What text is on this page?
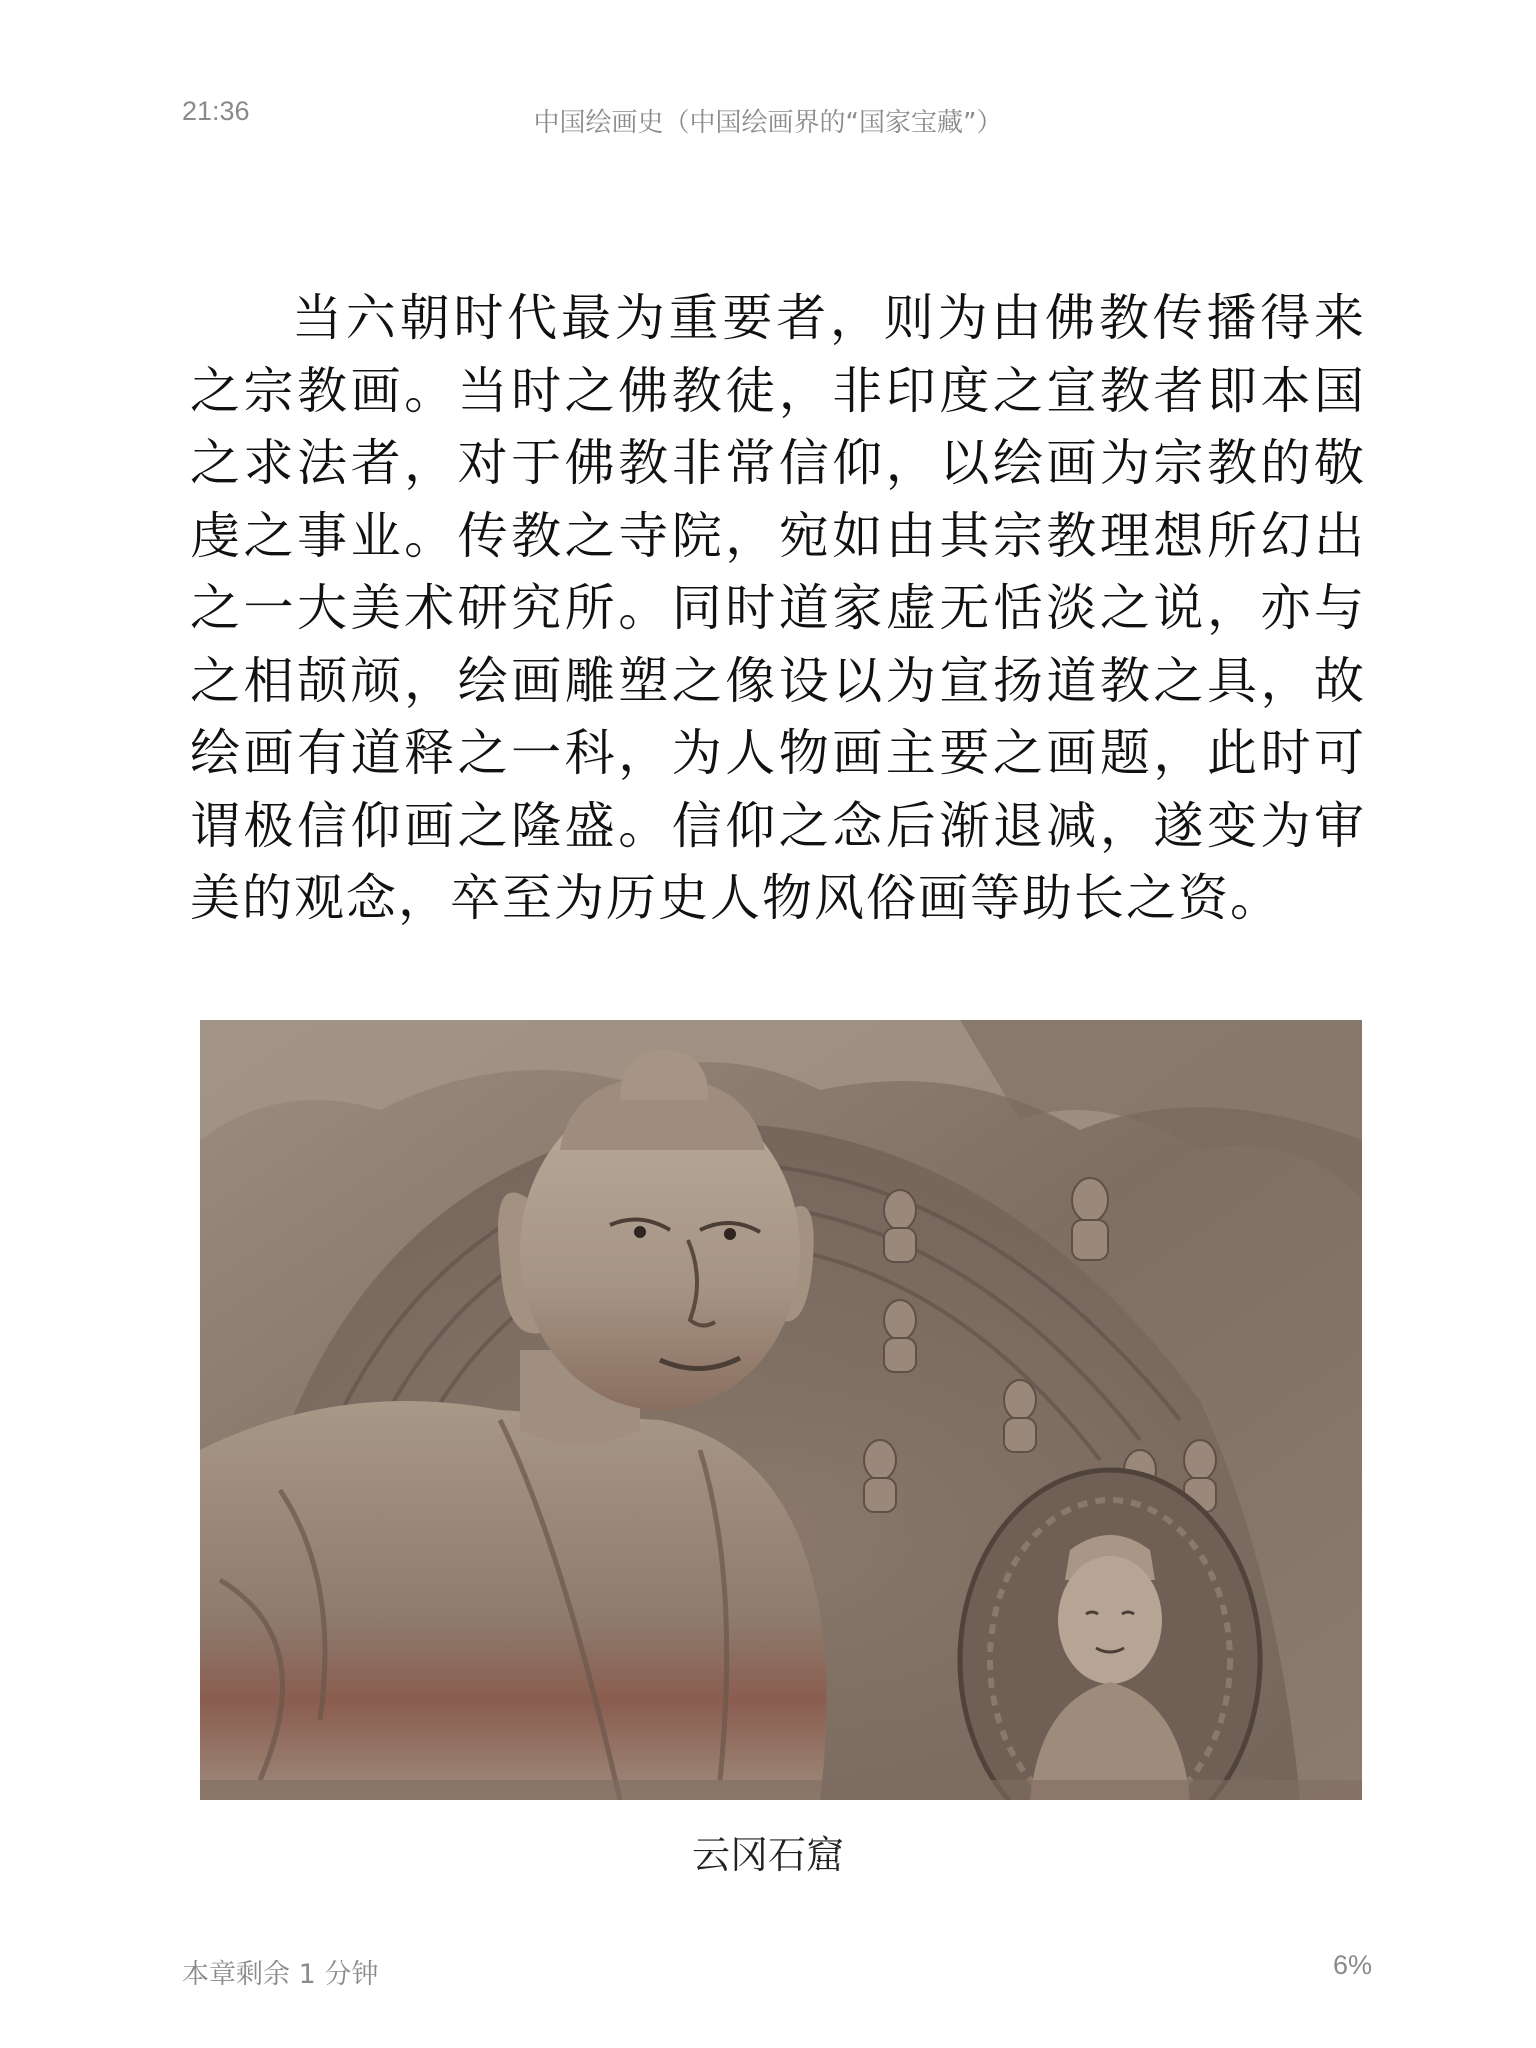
21:36	中国绘画史（中国绘画界的“国家宝藏”）

当六朝时代最为重要者，则为由佛教传播得来之宗教画。当时之佛教徒，非印度之宣教者即本国之求法者，对于佛教非常信仰，以绘画为宗教的敬虔之事业。传教之寺院，宛如由其宗教理想所幻出之一大美术研究所。同时道家虚无恬淡之说，亦与之相颉颃，绘画雕塑之像设以为宣扬道教之具，故绘画有道释之一科，为人物画主要之画题，此时可谓极信仰画之隆盛。信仰之念后渐退减，遂变为审美的观念，卒至为历史人物风俗画等助长之资。

云冈石窟
本章剩余 1 分钟	6%
